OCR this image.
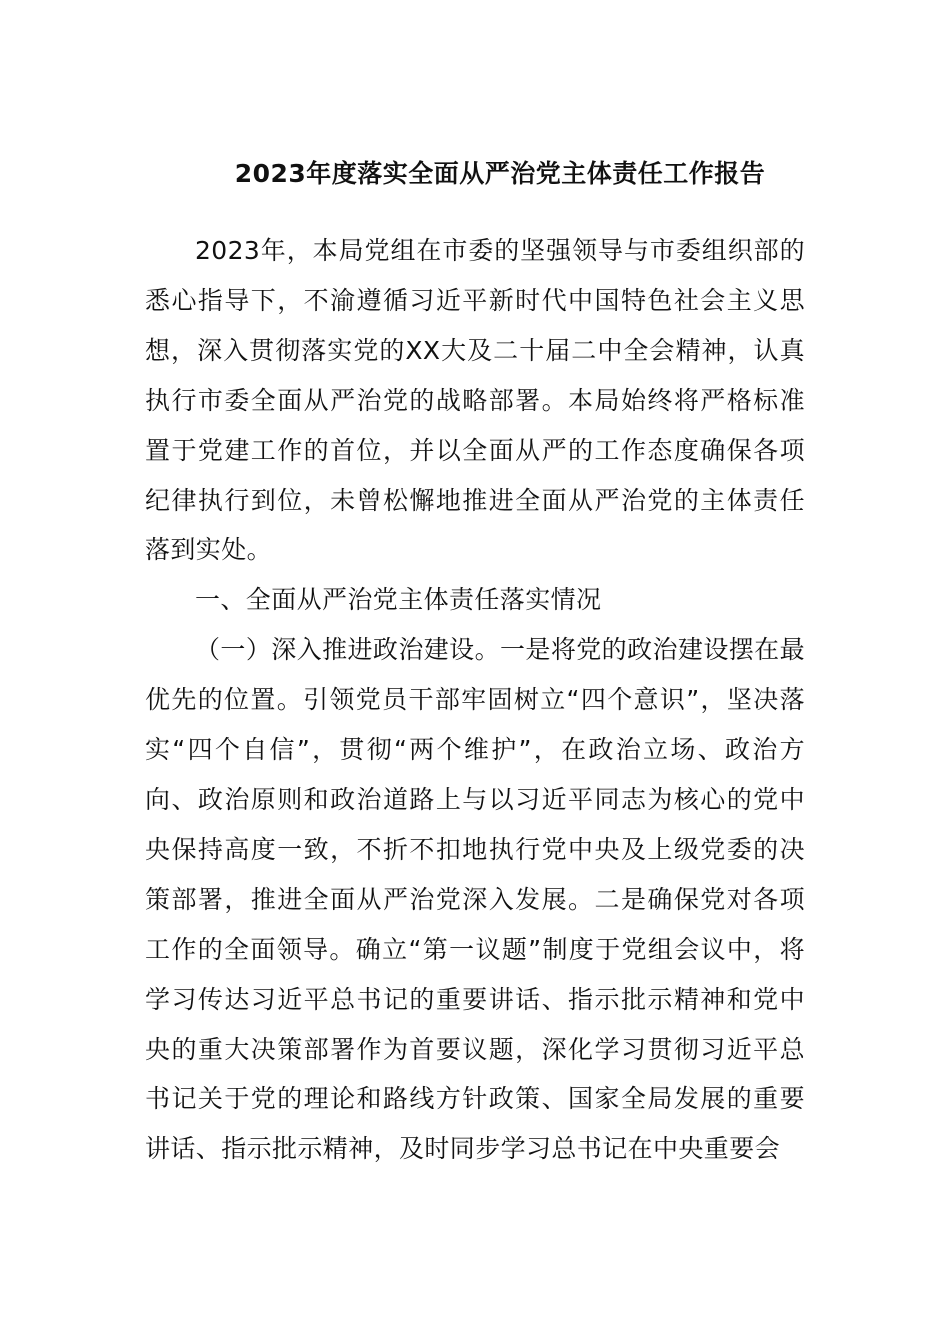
2023年度落实全面从严治党主体责任工作报告

2023年，本局党组在市委的坚强领导与市委组织部的悉心指导下，不渝遵循习近平新时代中国特色社会主义思想，深入贯彻落实党的XX大及二十届二中全会精神，认真执行市委全面从严治党的战略部署。本局始终将严格标准置于党建工作的首位，并以全面从严的工作态度确保各项纪律执行到位，未曾松懈地推进全面从严治党的主体责任落到实处。

一、全面从严治党主体责任落实情况

（一）深入推进政治建设。一是将党的政治建设摆在最优先的位置。引领党员干部牢固树立“四个意识”，坚决落实“四个自信”，贯彻“两个维护”，在政治立场、政治方向、政治原则和政治道路上与以习近平同志为核心的党中央保持高度一致，不折不扣地执行党中央及上级党委的决策部署，推进全面从严治党深入发展。二是确保党对各项工作的全面领导。确立“第一议题”制度于党组会议中，将学习传达习近平总书记的重要讲话、指示批示精神和党中央的重大决策部署作为首要议题，深化学习贯彻习近平总书记关于党的理论和路线方针政策、国家全局发展的重要讲话、指示批示精神，及时同步学习总书记在中央重要会
